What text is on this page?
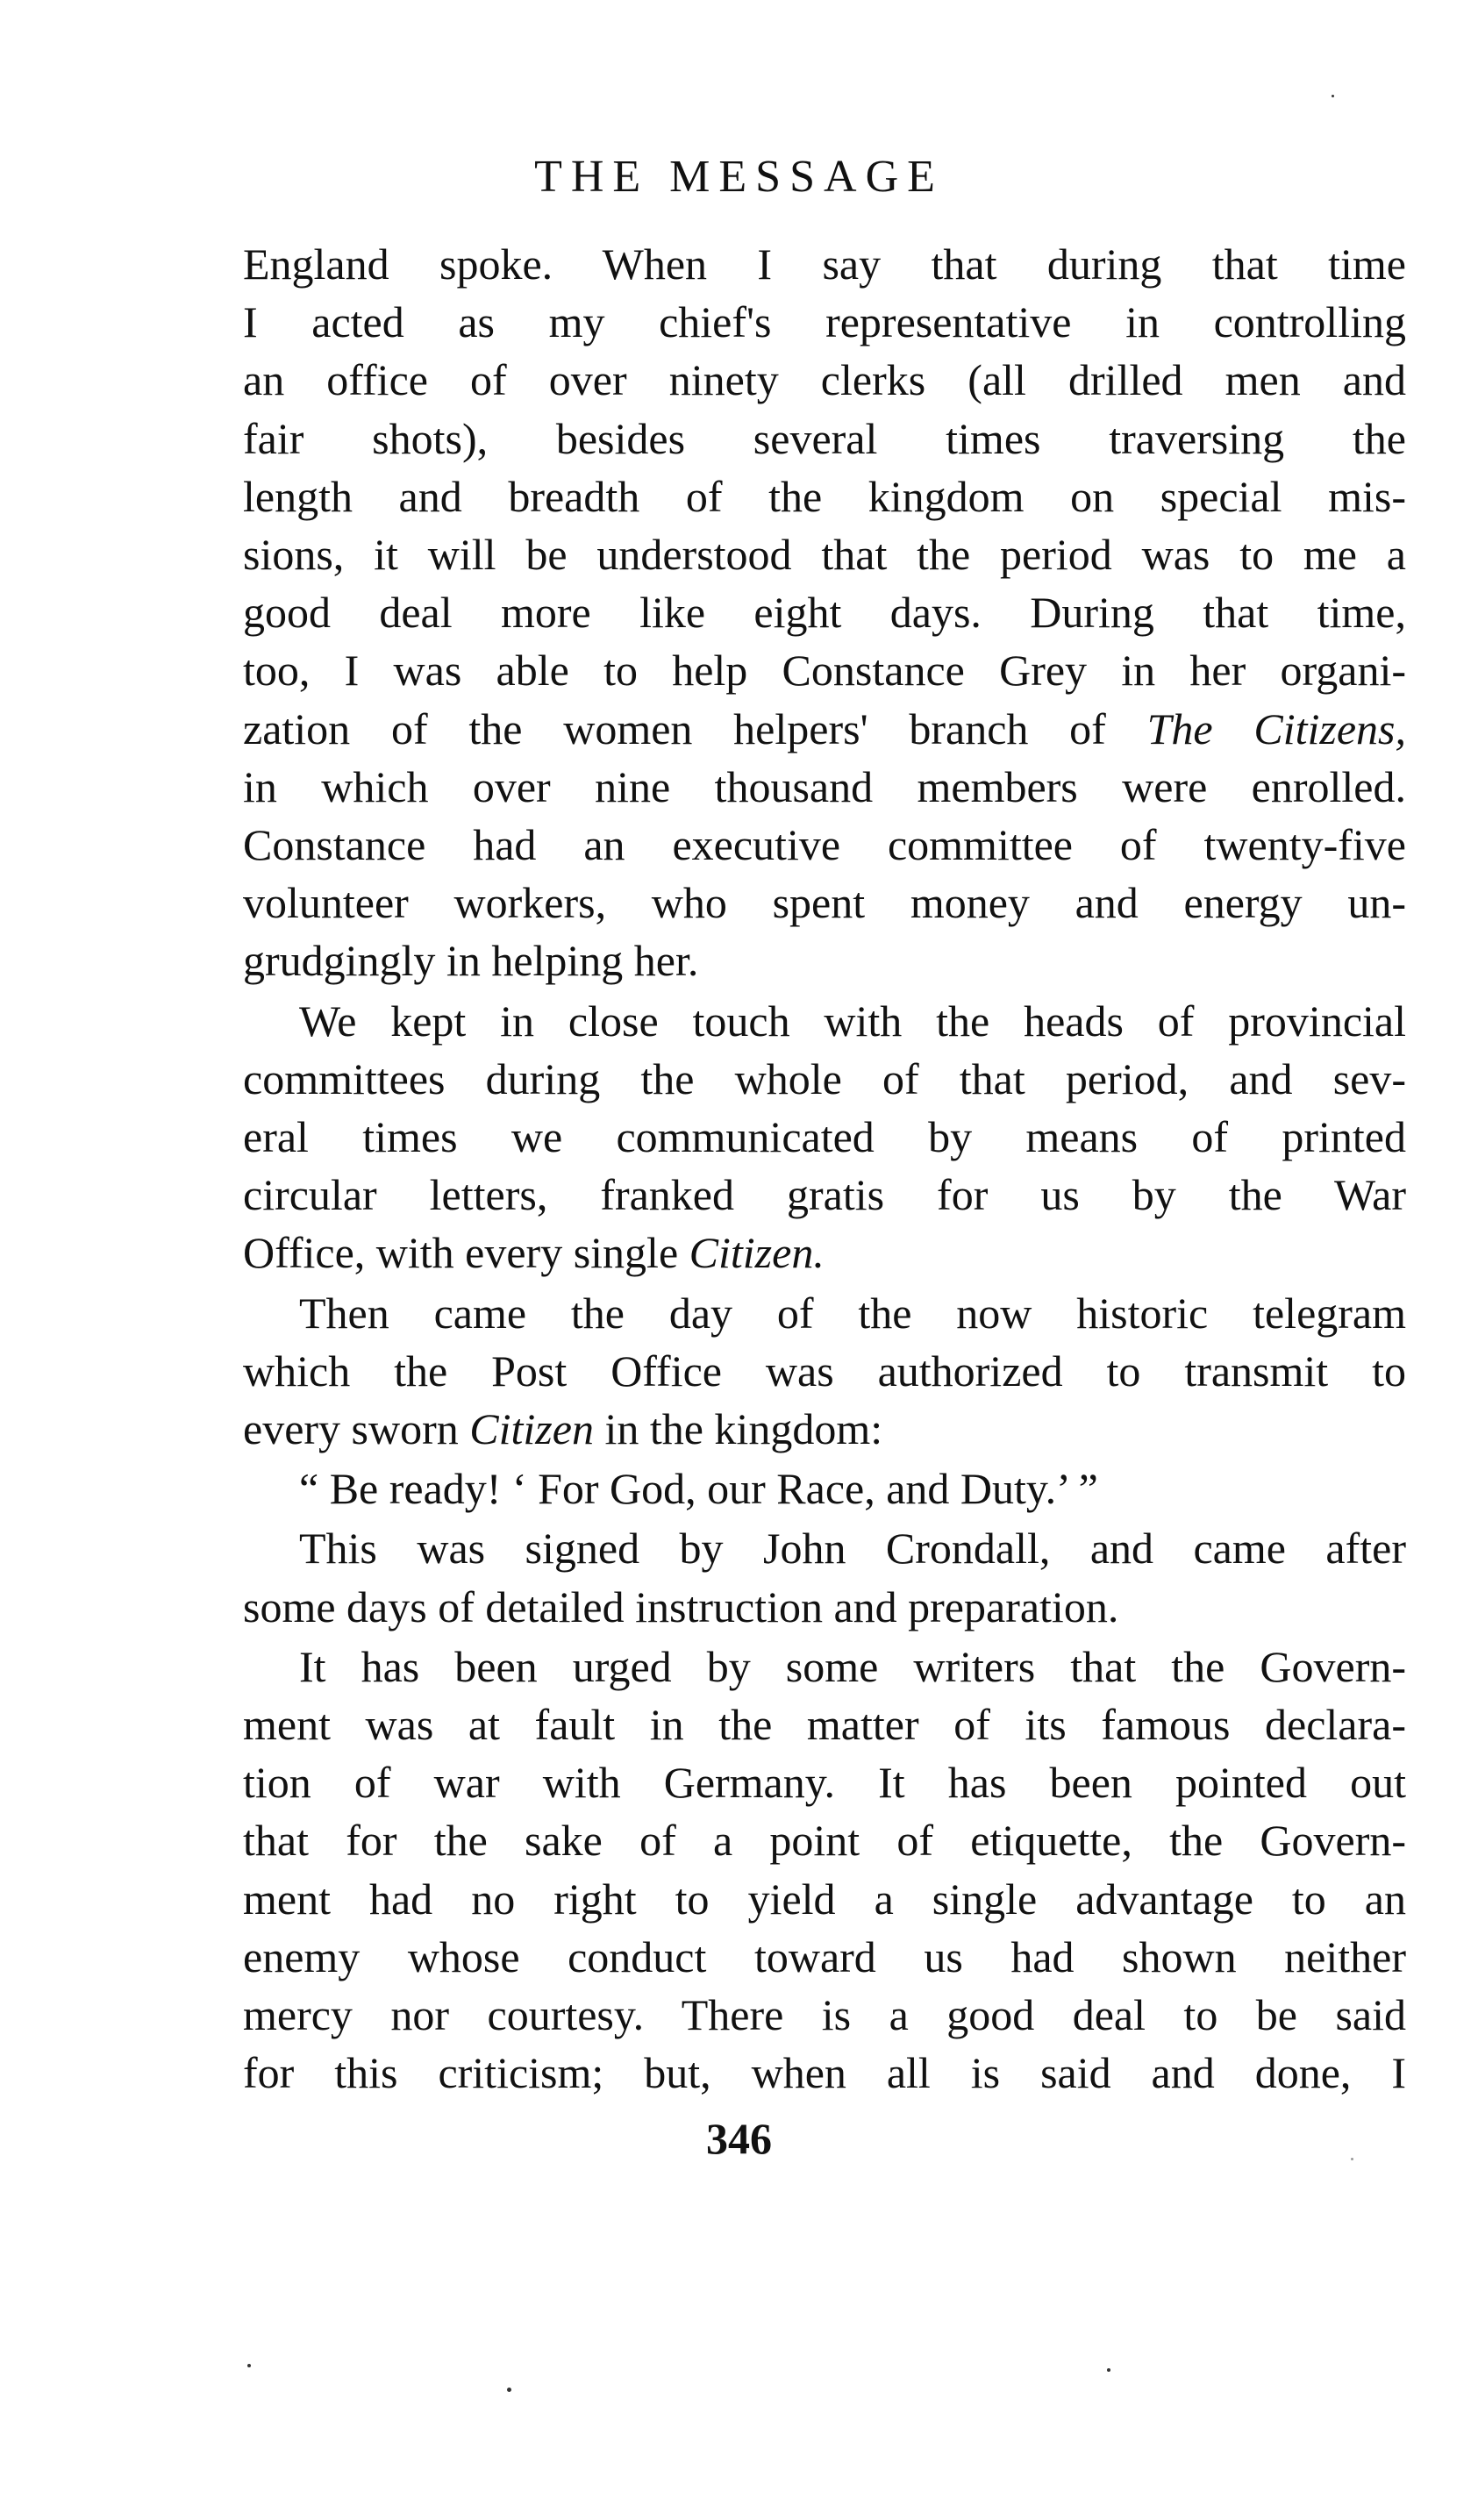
THE MESSAGE

England spoke. When I say that during that time
I acted as my chief's representative in controlling
an office of over ninety clerks (all drilled men and
fair shots), besides several times traversing the
length and breadth of the kingdom on special mis-
sions, it will be understood that the period was to me a
good deal more like eight days. During that time,
too, I was able to help Constance Grey in her organi-
zation of the women helpers' branch of The Citizens,
in which over nine thousand members were enrolled.
Constance had an executive committee of twenty-five
volunteer workers, who spent money and energy un-
grudgingly in helping her.

We kept in close touch with the heads of provincial
committees during the whole of that period, and sev-
eral times we communicated by means of printed
circular letters, franked gratis for us by the War
Office, with every single Citizen.

Then came the day of the now historic telegram
which the Post Office was authorized to transmit to
every sworn Citizen in the kingdom:

“ Be ready! ‘ For God, our Race, and Duty.’ ”

This was signed by John Crondall, and came after
some days of detailed instruction and preparation.

It has been urged by some writers that the Govern-
ment was at fault in the matter of its famous declara-
tion of war with Germany. It has been pointed out
that for the sake of a point of etiquette, the Govern-
ment had no right to yield a single advantage to an
enemy whose conduct toward us had shown neither
mercy nor courtesy. There is a good deal to be said
for this criticism; but, when all is said and done, I

346
